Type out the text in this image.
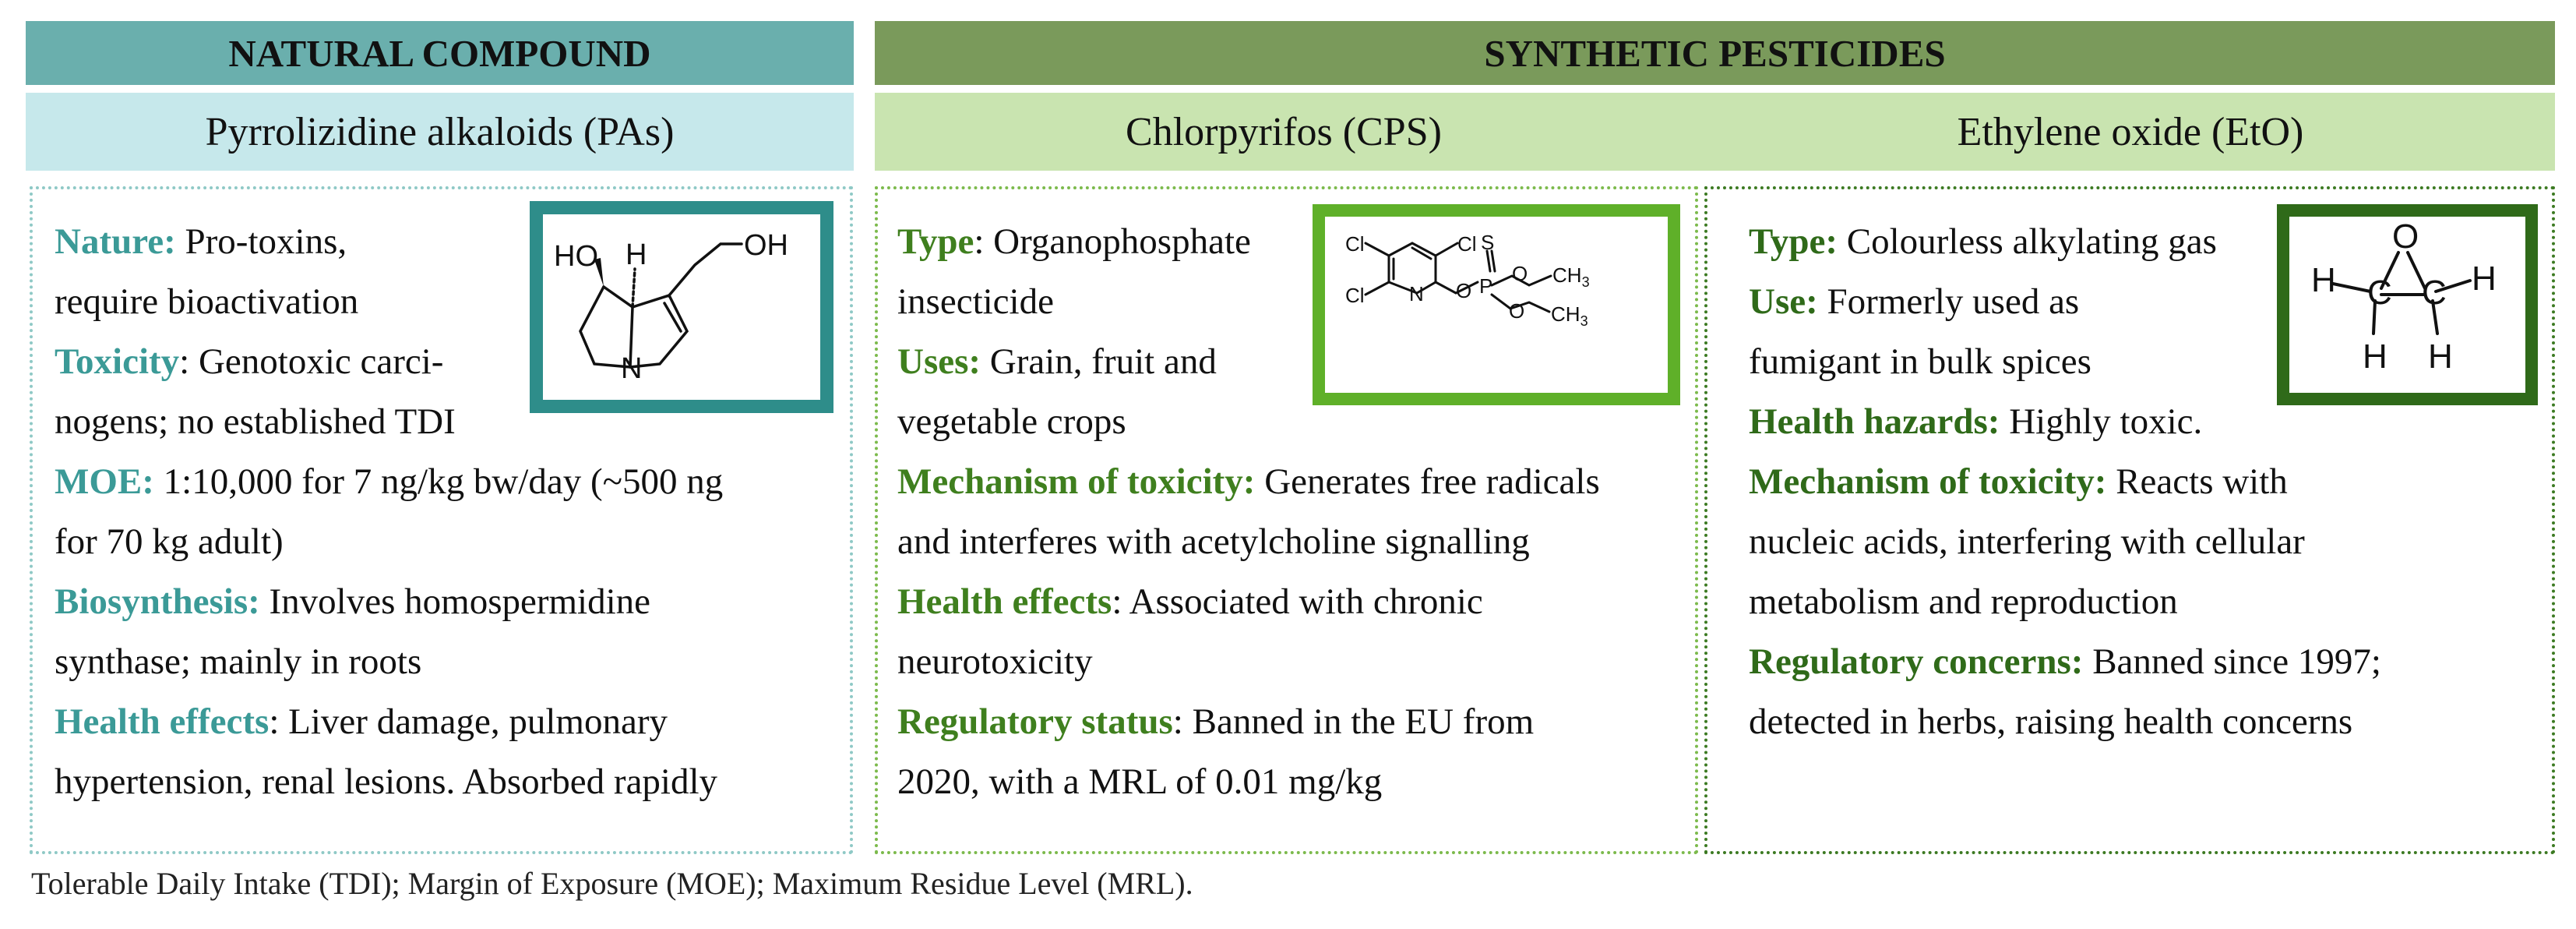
NATURAL COMPOUND	SYNTHETIC PESTICIDES
Pyrrolizidine alkaloids (PAs)	Chlorpyrifos (CPS)	Ethylene oxide (EtO)
Nature: Pro-toxins,
require bioactivation
Toxicity: Genotoxic carci-
nogens; no established TDI
MOE: 1:10,000 for 7 ng/kg bw/day (~500 ng
for 70 kg adult)
Biosynthesis: Involves homospermidine
synthase; mainly in roots
Health effects: Liver damage, pulmonary
hypertension, renal lesions. Absorbed rapidly
Type: Organophosphate
insecticide
Uses: Grain, fruit and
vegetable crops
Mechanism of toxicity: Generates free radicals
and interferes with acetylcholine signalling
Health effects: Associated with chronic
neurotoxicity
Regulatory status: Banned in the EU from
2020, with a MRL of 0.01 mg/kg
Type: Colourless alkylating gas
Use: Formerly used as
fumigant in bulk spices
Health hazards: Highly toxic.
Mechanism of toxicity: Reacts with
nucleic acids, interfering with cellular
metabolism and reproduction
Regulatory concerns: Banned since 1997;
detected in herbs, raising health concerns
HO H	OH
N
Cl	Cl
Cl N O P
S
O
O
$CH_3$
$CH_3$
O
H C C H
H H
Tolerable Daily Intake (TDI); Margin of Exposure (MOE); Maximum Residue Level (MRL).
